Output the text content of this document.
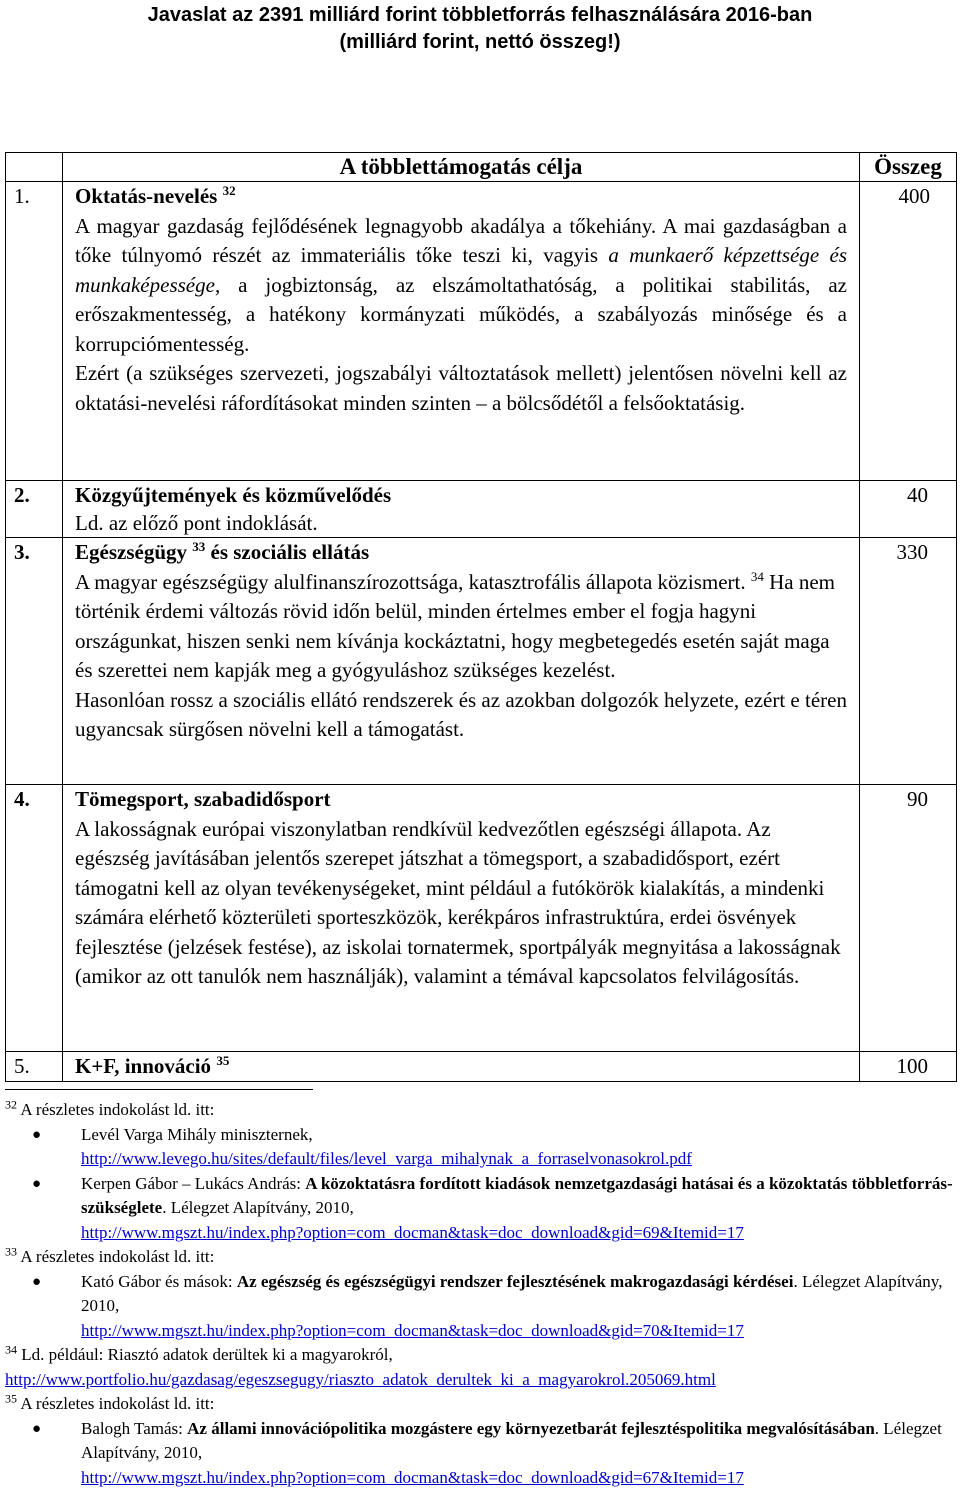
Javaslat az 2391 milliárd forint többletforrás felhasználására 2016-ban
(milliárd forint, nettó összeg!)
	A többlettámogatás célja	Összeg
1.	Oktatás-nevelés $^{32}$
A magyar gazdaság fejlődésének legnagyobb akadálya a tőkehiány. A mai gazdaságban a tőke túlnyomó részét az immateriális tőke teszi ki, vagyis a munkaerő képzettsége és munkaképessége, a jogbiztonság, az elszámoltathatóság, a politikai stabilitás, az erőszakmentesség, a hatékony kormányzati működés, a szabályozás minősége és a korrupciómentesség.
Ezért (a szükséges szervezeti, jogszabályi változtatások mellett) jelentősen növelni kell az oktatási-nevelési ráfordításokat minden szinten – a bölcsődétől a felsőoktatásig.	400
2.	Közgyűjtemények és közművelődés
Ld. az előző pont indoklását.	40
3.	Egészségügy $^{33}$ és szociális ellátás
A magyar egészségügy alulfinanszírozottsága, katasztrofális állapota közismert. $^{34}$ Ha nem történik érdemi változás rövid időn belül, minden értelmes ember el fogja hagyni országunkat, hiszen senki nem kívánja kockáztatni, hogy megbetegedés esetén saját maga és szerettei nem kapják meg a gyógyuláshoz szükséges kezelést.
Hasonlóan rossz a szociális ellátó rendszerek és az azokban dolgozók helyzete, ezért e téren ugyancsak sürgősen növelni kell a támogatást.	330
4.	Tömegsport, szabadidősport
A lakosságnak európai viszonylatban rendkívül kedvezőtlen egészségi állapota. Az egészség javításában jelentős szerepet játszhat a tömegsport, a szabadidősport, ezért támogatni kell az olyan tevékenységeket, mint például a futókörök kialakítás, a mindenki számára elérhető közterületi sporteszközök, kerékpáros infrastruktúra, erdei ösvények fejlesztése (jelzések festése), az iskolai tornatermek, sportpályák megnyitása a lakosságnak (amikor az ott tanulók nem használják), valamint a témával kapcsolatos felvilágosítás.	90
5.	K+F, innováció $^{35}$	100

$^{32}$ A részletes indokolást ld. itt:

● Levél Varga Mihály miniszternek,
http://www.levego.hu/sites/default/files/level_varga_mihalynak_a_forraselvonasokrol.pdf
● Kerpen Gábor – Lukács András: A közoktatásra fordított kiadások nemzetgazdasági hatásai és a közoktatás többletforrás-szükséglete. Lélegzet Alapítvány, 2010,
http://www.mgszt.hu/index.php?option=com_docman&task=doc_download&gid=69&Itemid=17

$^{33}$ A részletes indokolást ld. itt:

● Kató Gábor és mások: Az egészség és egészségügyi rendszer fejlesztésének makrogazdasági kérdései. Lélegzet Alapítvány, 2010,
http://www.mgszt.hu/index.php?option=com_docman&task=doc_download&gid=70&Itemid=17

$^{34}$ Ld. például: Riasztó adatok derültek ki a magyarokról,
http://www.portfolio.hu/gazdasag/egeszsegugy/riaszto_adatok_derultek_ki_a_magyarokrol.205069.html

$^{35}$ A részletes indokolást ld. itt:

● Balogh Tamás: Az állami innovációpolitika mozgástere egy környezetbarát fejlesztéspolitika megvalósításában. Lélegzet Alapítvány, 2010,
http://www.mgszt.hu/index.php?option=com_docman&task=doc_download&gid=67&Itemid=17
